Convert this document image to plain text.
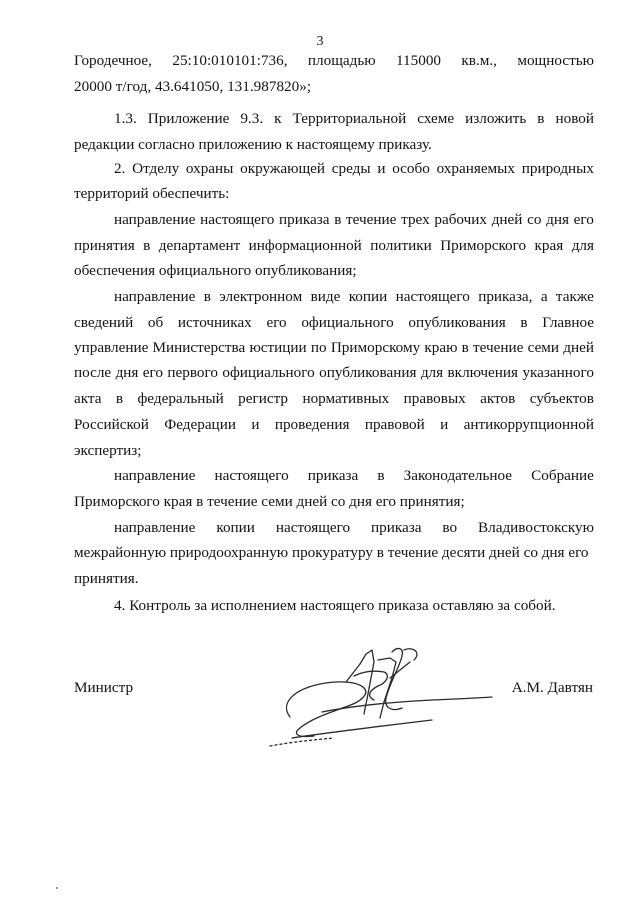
3
Городечное, 25:10:010101:736, площадью 115000 кв.м., мощностью
20000 т/год, 43.641050, 131.987820»;
1.3. Приложение 9.3. к Территориальной схеме изложить в новой
редакции согласно приложению к настоящему приказу.
2. Отделу охраны окружающей среды и особо охраняемых природных
территорий обеспечить:
направление настоящего приказа в течение трех рабочих дней со дня его
принятия в департамент информационной политики Приморского края для
обеспечения официального опубликования;
направление в электронном виде копии настоящего приказа, а также
сведений об источниках его официального опубликования в Главное
управление Министерства юстиции по Приморскому краю в течение семи дней
после дня его первого официального опубликования для включения указанного
акта в федеральный регистр нормативных правовых актов субъектов
Российской Федерации и проведения правовой и антикоррупционной
экспертиз;
направление настоящего приказа в Законодательное Собрание
Приморского края в течение семи дней со дня его принятия;
направление копии настоящего приказа во Владивостокскую
межрайонную природоохранную прокуратуру в течение десяти дней со дня его
принятия.
4. Контроль за исполнением настоящего приказа оставляю за собой.
Министр	А.М. Давтян
